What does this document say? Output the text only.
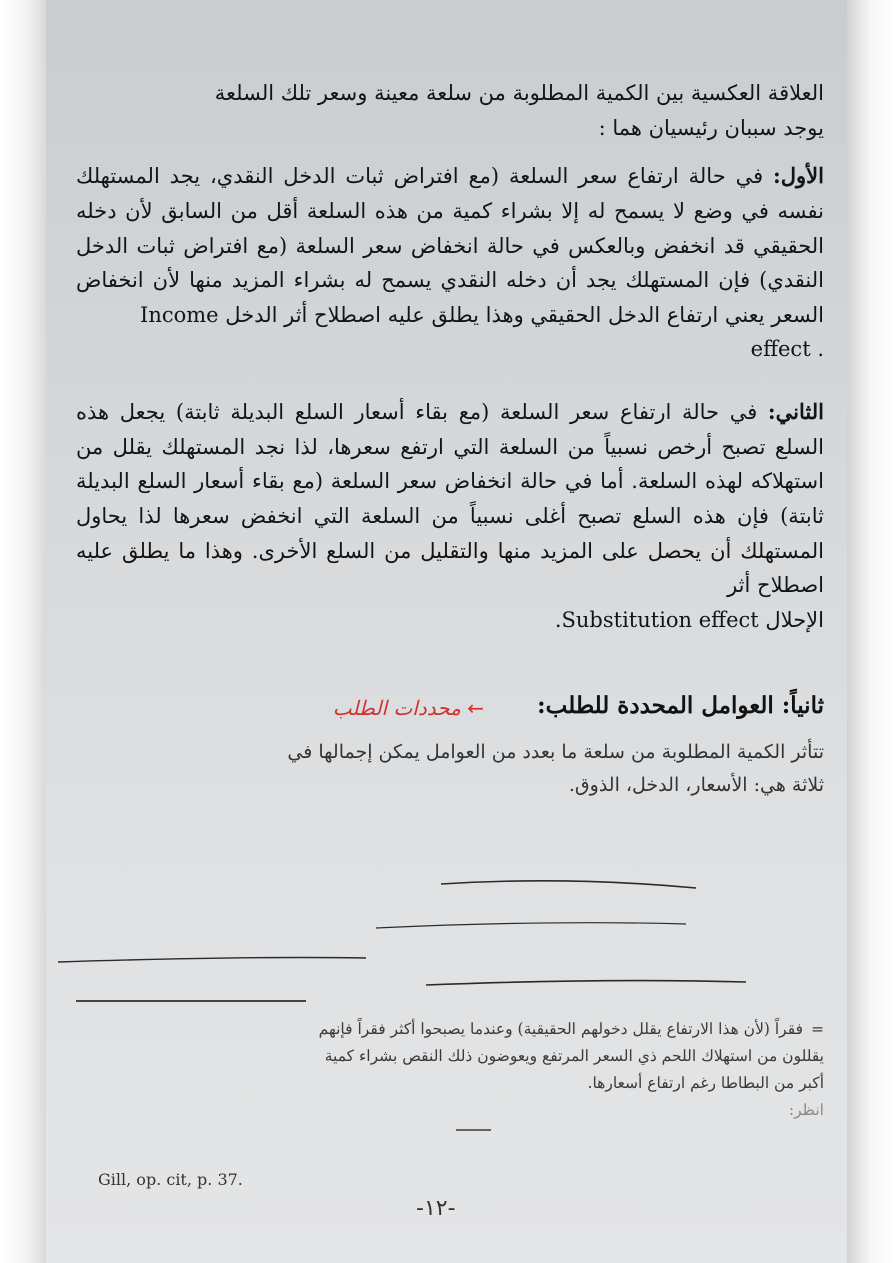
العلاقة العكسية بين الكمية المطلوبة من سلعة معينة وسعر تلك السلعة

يوجد سببان رئيسيان هما :

الأول: في حالة ارتفاع سعر السلعة (مع افتراض ثبات الدخل النقدي، يجد المستهلك نفسه في وضع لا يسمح له إلا بشراء كمية من هذه السلعة أقل من السابق لأن دخله الحقيقي قد انخفض وبالعكس في حالة انخفاض سعر السلعة (مع افتراض ثبات الدخل النقدي) فإن المستهلك يجد أن دخله النقدي يسمح له بشراء المزيد منها لأن انخفاض السعر يعني ارتفاع الدخل الحقيقي وهذا يطلق عليه اصطلاح أثر الدخل Income

. effect

الثاني: في حالة ارتفاع سعر السلعة (مع بقاء أسعار السلع البديلة ثابتة) يجعل هذه السلع تصبح أرخص نسبياً من السلعة التي ارتفع سعرها، لذا نجد المستهلك يقلل من استهلاكه لهذه السلعة. أما في حالة انخفاض سعر السلعة (مع بقاء أسعار السلع البديلة ثابتة) فإن هذه السلع تصبح أغلى نسبياً من السلعة التي انخفض سعرها لذا يحاول المستهلك أن يحصل على المزيد منها والتقليل من السلع الأخرى. وهذا ما يطلق عليه اصطلاح أثر

الإحلال Substitution effect.

ثانياً: العوامل المحددة للطلب:
← محددات الطلب

تتأثر الكمية المطلوبة من سلعة ما بعدد من العوامل يمكن إجمالها في

ثلاثة هي: الأسعار، الدخل، الذوق.

=فقراً (لأن هذا الارتفاع يقلل دخولهم الحقيقية) وعندما يصبحوا أكثر فقراً فإنهم

يقللون من استهلاك اللحم ذي السعر المرتفع ويعوضون ذلك النقص بشراء كمية

أكبر من البطاطا رغم ارتفاع أسعارها.

انظر:

Gill, op. cit, p. 37.
-١٢-
